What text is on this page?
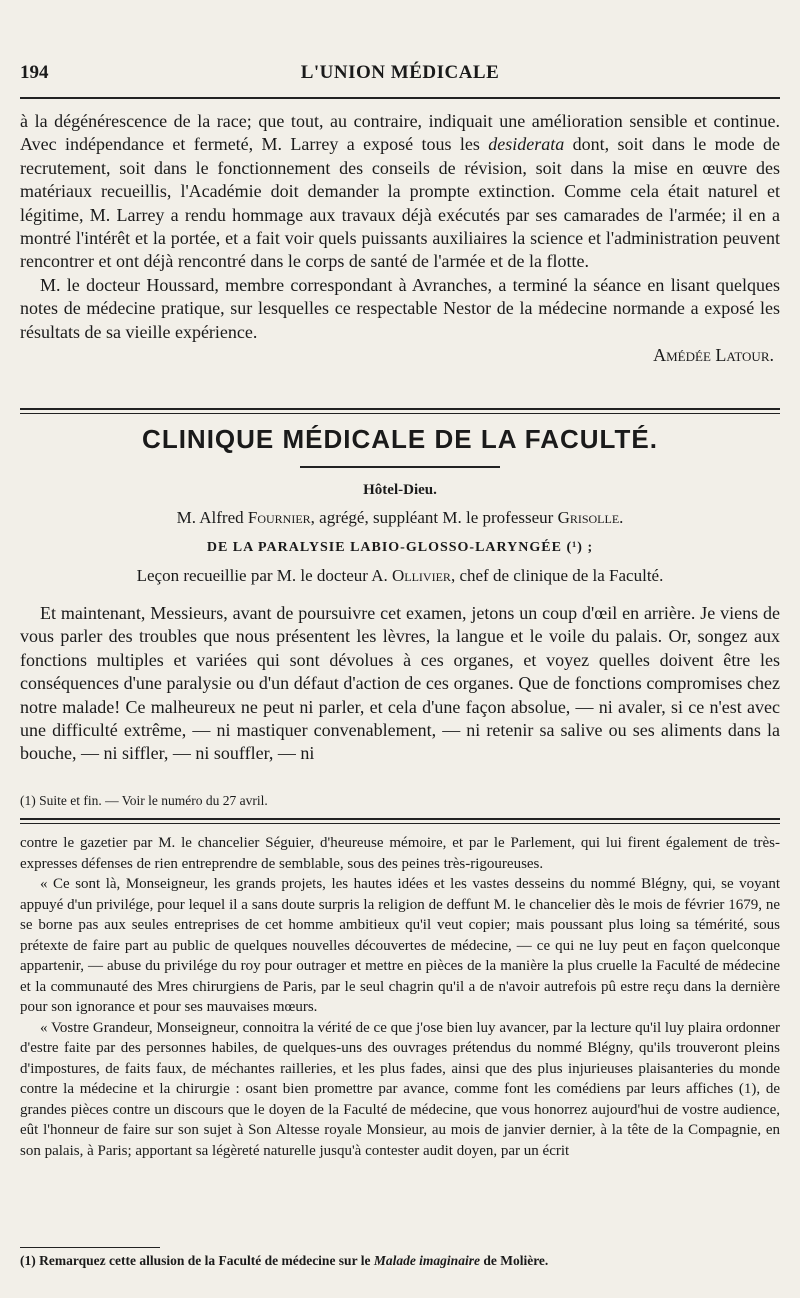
194	L'UNION MÉDICALE

à la dégénérescence de la race; que tout, au contraire, indiquait une amélioration sensible et continue. Avec indépendance et fermeté, M. Larrey a exposé tous les desiderata dont, soit dans le mode de recrutement, soit dans le fonctionnement des conseils de révision, soit dans la mise en œuvre des matériaux recueillis, l'Académie doit demander la prompte extinction. Comme cela était naturel et légitime, M. Larrey a rendu hommage aux travaux déjà exécutés par ses camarades de l'armée; il en a montré l'intérêt et la portée, et a fait voir quels puissants auxiliaires la science et l'administration peuvent rencontrer et ont déjà rencontré dans le corps de santé de l'armée et de la flotte.

M. le docteur Houssard, membre correspondant à Avranches, a terminé la séance en lisant quelques notes de médecine pratique, sur lesquelles ce respectable Nestor de la médecine normande a exposé les résultats de sa vieille expérience.

Amédée Latour.

CLINIQUE MÉDICALE DE LA FACULTÉ.
Hôtel-Dieu.
M. Alfred Fournier, agrégé, suppléant M. le professeur Grisolle.
DE LA PARALYSIE LABIO-GLOSSO-LARYNGÉE (¹) ;
Leçon recueillie par M. le docteur A. Ollivier, chef de clinique de la Faculté.

Et maintenant, Messieurs, avant de poursuivre cet examen, jetons un coup d'œil en arrière. Je viens de vous parler des troubles que nous présentent les lèvres, la langue et le voile du palais. Or, songez aux fonctions multiples et variées qui sont dévolues à ces organes, et voyez quelles doivent être les conséquences d'une paralysie ou d'un défaut d'action de ces organes. Que de fonctions compromises chez notre malade! Ce malheureux ne peut ni parler, et cela d'une façon absolue, — ni avaler, si ce n'est avec une difficulté extrême, — ni mastiquer convenablement, — ni retenir sa salive ou ses aliments dans la bouche, — ni siffler, — ni souffler, — ni

(1) Suite et fin. — Voir le numéro du 27 avril.

contre le gazetier par M. le chancelier Séguier, d'heureuse mémoire, et par le Parlement, qui lui firent également de très-expresses défenses de rien entreprendre de semblable, sous des peines très-rigoureuses.

« Ce sont là, Monseigneur, les grands projets, les hautes idées et les vastes desseins du nommé Blégny, qui, se voyant appuyé d'un privilége, pour lequel il a sans doute surpris la religion de deffunt M. le chancelier dès le mois de février 1679, ne se borne pas aux seules entreprises de cet homme ambitieux qu'il veut copier; mais poussant plus loing sa témérité, sous prétexte de faire part au public de quelques nouvelles découvertes de médecine, — ce qui ne luy peut en façon quelconque appartenir, — abuse du privilége du roy pour outrager et mettre en pièces de la manière la plus cruelle la Faculté de médecine et la communauté des Mres chirurgiens de Paris, par le seul chagrin qu'il a de n'avoir autrefois pû estre reçu dans la dernière pour son ignorance et pour ses mauvaises mœurs.

« Vostre Grandeur, Monseigneur, connoitra la vérité de ce que j'ose bien luy avancer, par la lecture qu'il luy plaira ordonner d'estre faite par des personnes habiles, de quelques-uns des ouvrages prétendus du nommé Blégny, qu'ils trouveront pleins d'impostures, de faits faux, de méchantes railleries, et les plus fades, ainsi que des plus injurieuses plaisanteries du monde contre la médecine et la chirurgie : osant bien promettre par avance, comme font les comédiens par leurs affiches (1), de grandes pièces contre un discours que le doyen de la Faculté de médecine, que vous honorrez aujourd'hui de vostre audience, eût l'honneur de faire sur son sujet à Son Altesse royale Monsieur, au mois de janvier dernier, à la tête de la Compagnie, en son palais, à Paris; apportant sa légèreté naturelle jusqu'à contester audit doyen, par un écrit

(1) Remarquez cette allusion de la Faculté de médecine sur le Malade imaginaire de Molière.
